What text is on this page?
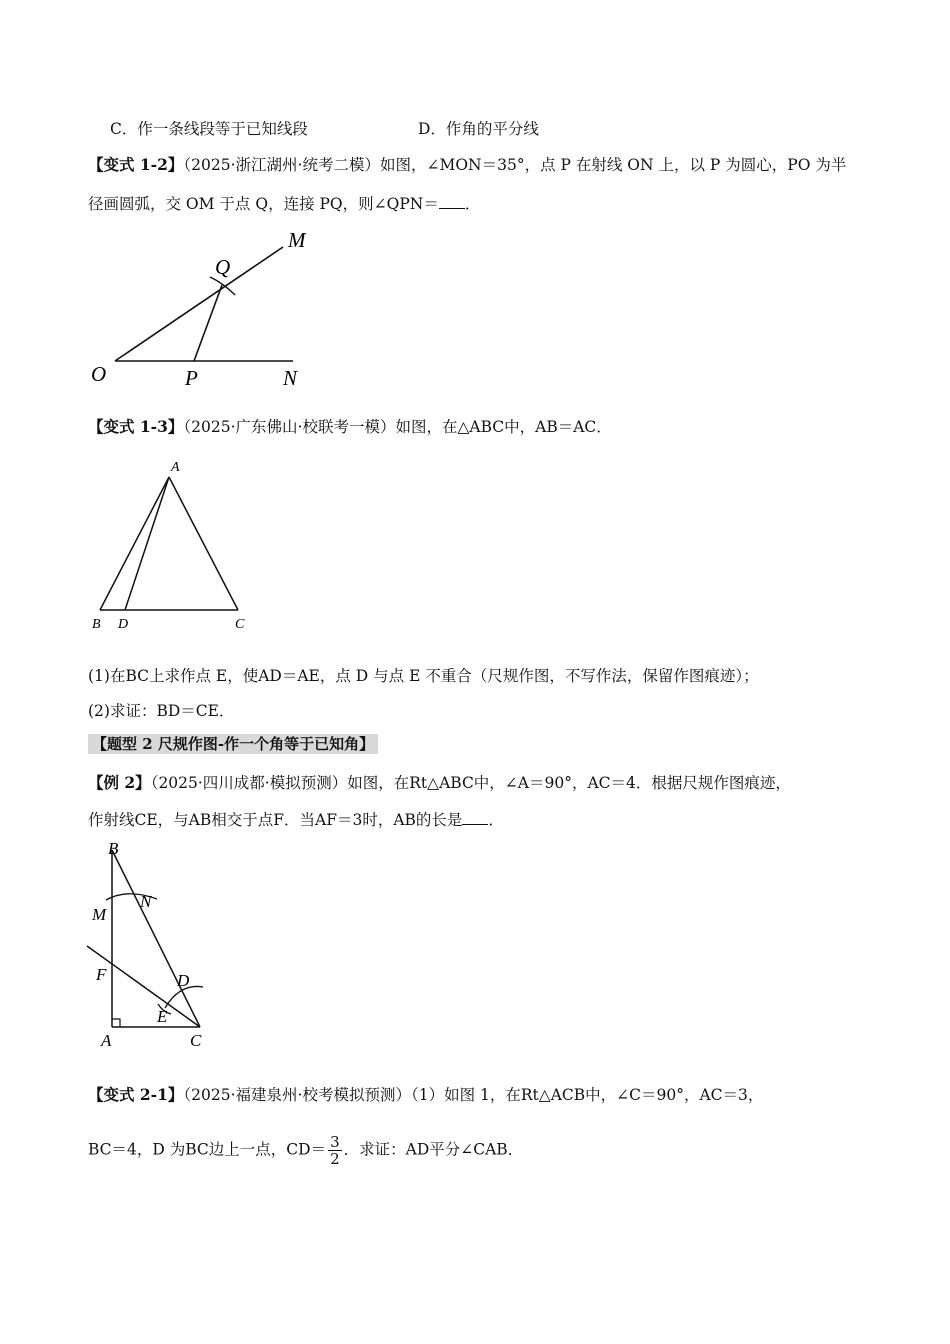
C．作一条线段等于已知线段	D．作角的平分线
【变式 1-2】（2025·浙江湖州·统考二模）如图，∠MON＝35°，点 P 在射线 ON 上，以 P 为圆心，PO 为半
径画圆弧，交 OM 于点 Q，连接 PQ，则∠QPN＝ ．
M
Q
O	P	N
【变式 1-3】（2025·广东佛山·校联考一模）如图，在△ABC中，AB＝AC．
A
B D	C
(1)在BC上求作点 E，使AD＝AE，点 D 与点 E 不重合（尺规作图，不写作法，保留作图痕迹）；
(2)求证：BD＝CE．
【题型 2 尺规作图-作一个角等于已知角】
【例 2】（2025·四川成都·模拟预测）如图，在Rt△ABC中，∠A＝90°，AC＝4．根据尺规作图痕迹，
作射线CE，与AB相交于点F．当AF＝3时，AB的长是 ．
B
M
N
F	D
E
A	C
【变式 2-1】（2025·福建泉州·校考模拟预测）（1）如图 1，在Rt△ACB中，∠C＝90°，AC＝3，
BC＝4，D 为BC边上一点，$CD= \frac{3}{2}$ ．求证：AD平分∠CAB．
